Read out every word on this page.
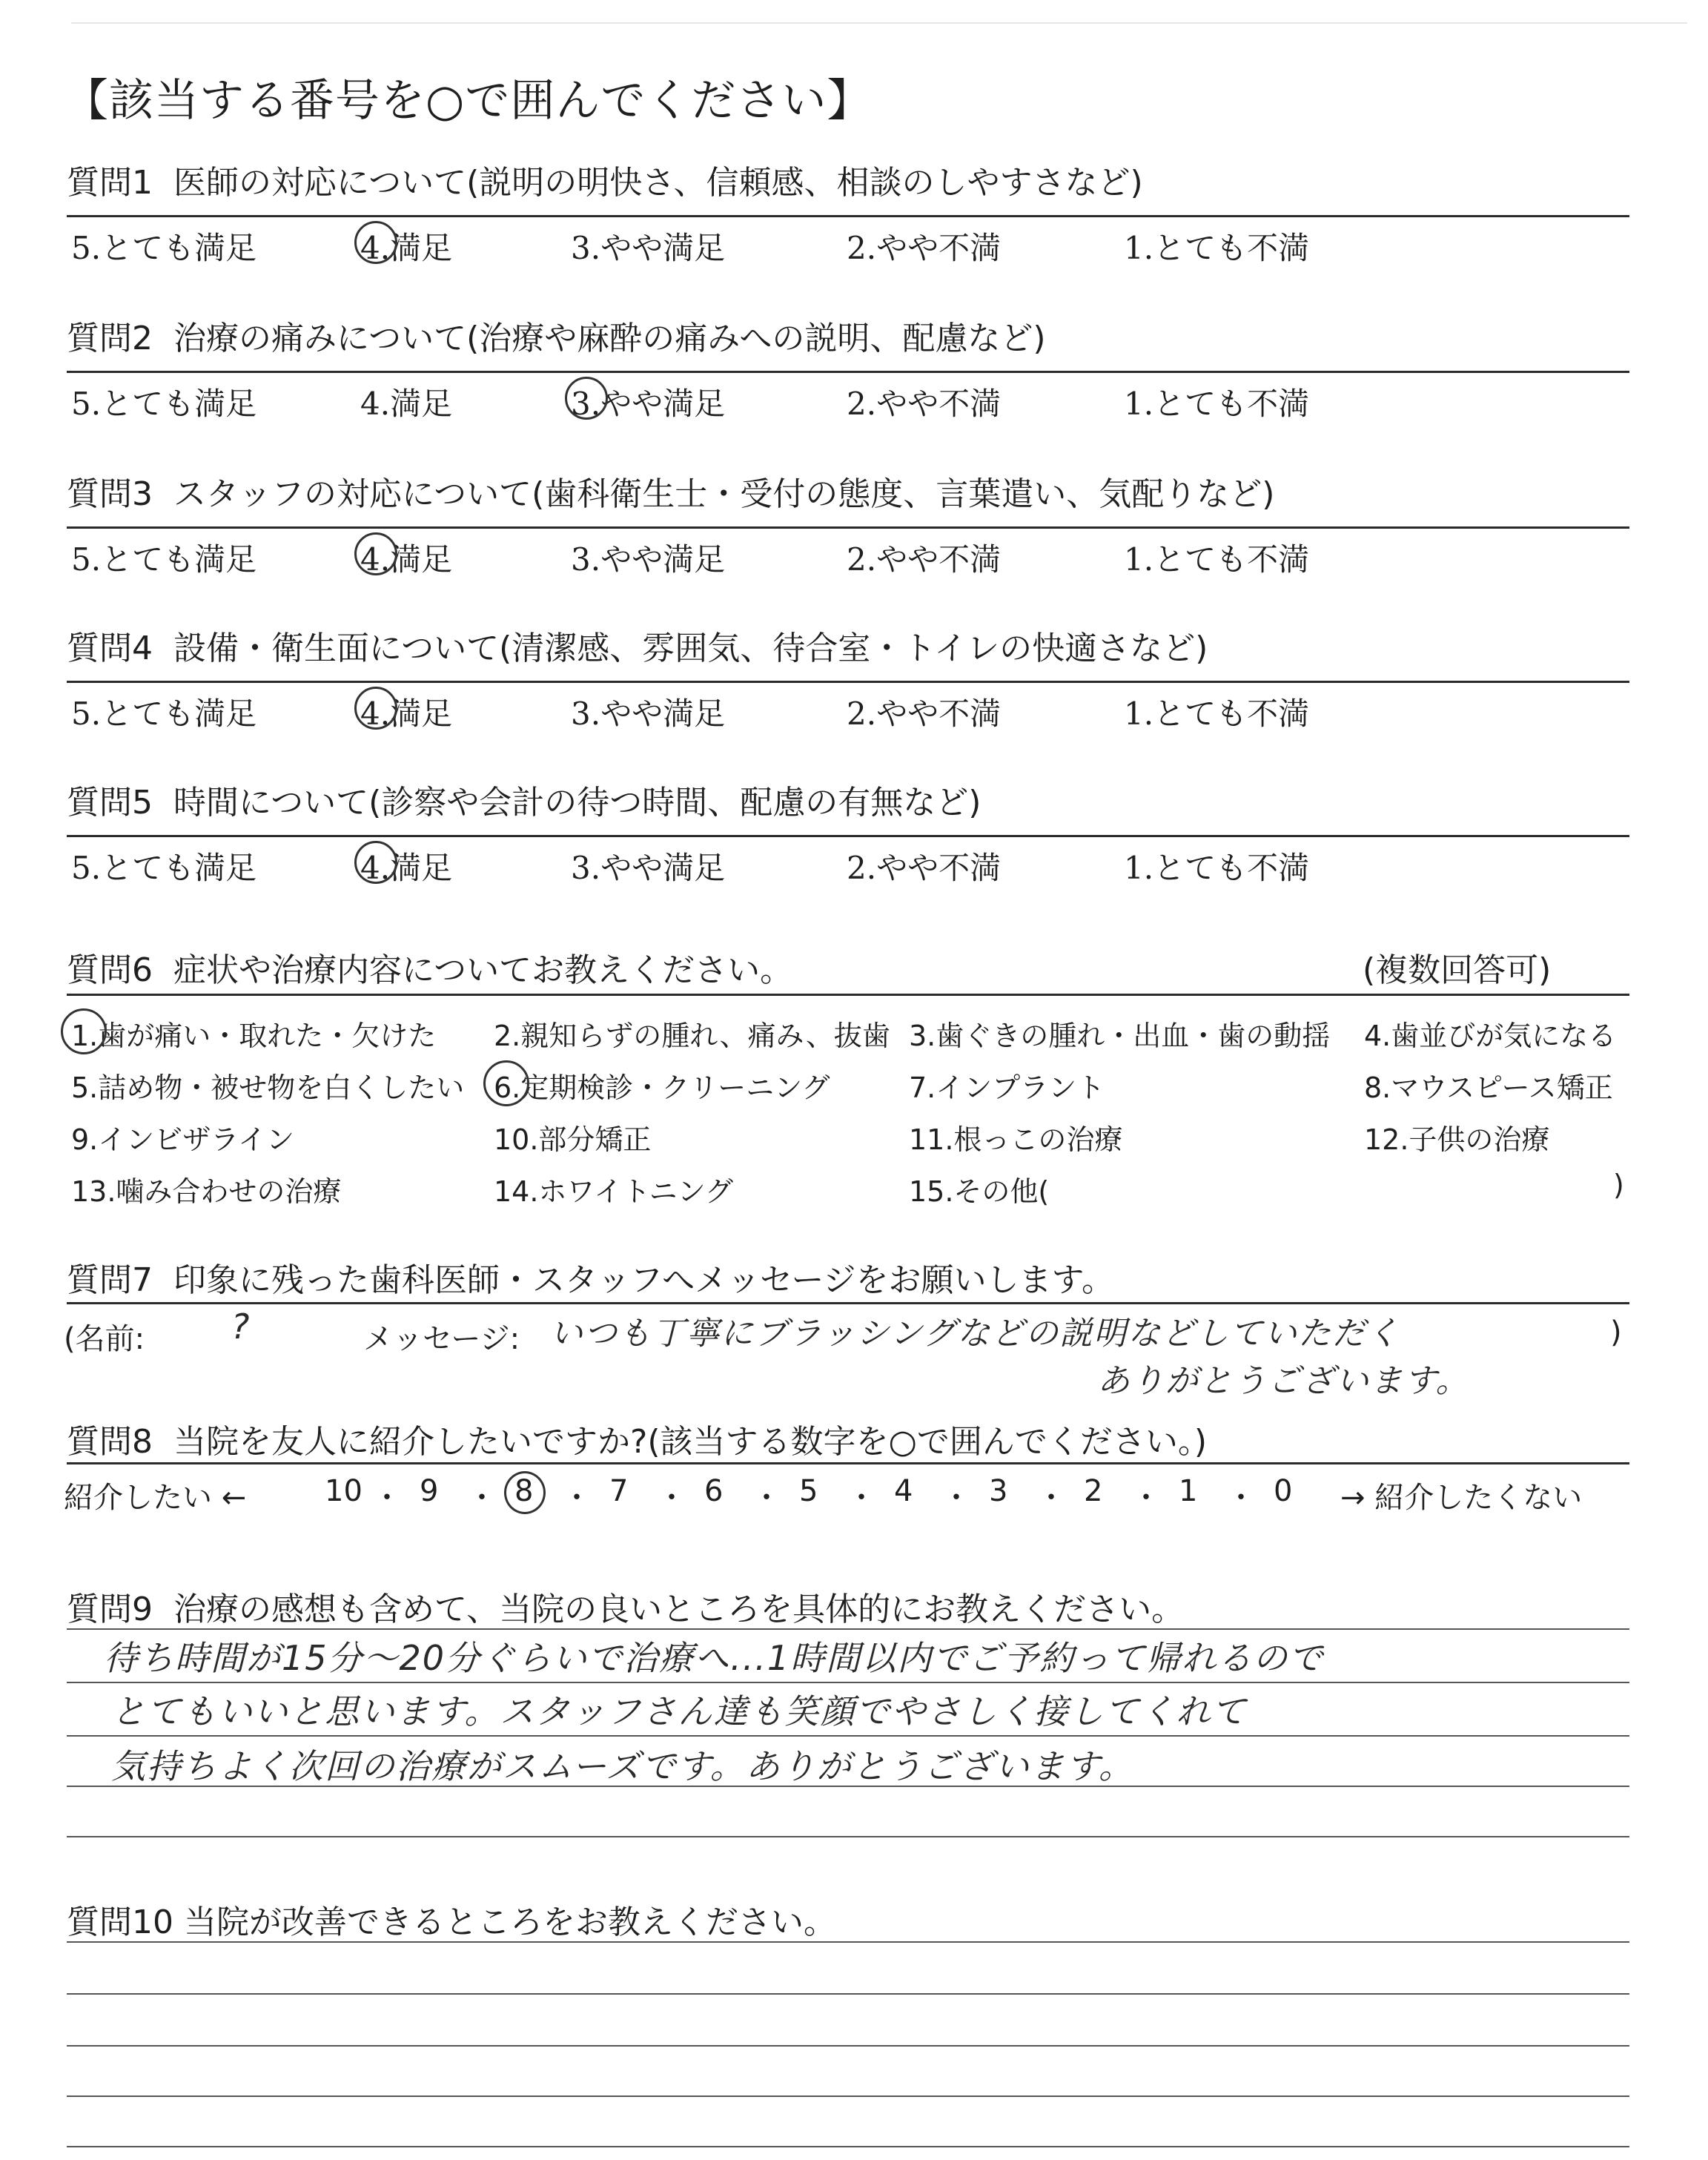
【該当する番号を○で囲んでください】
質問1 医師の対応について(説明の明快さ、信頼感、相談のしやすさなど)
5.とても満足	4.満足	3.やや満足	2.やや不満	1.とても不満
質問2 治療の痛みについて(治療や麻酔の痛みへの説明、配慮など)
5.とても満足	4.満足	3.やや満足	2.やや不満	1.とても不満
質問3 スタッフの対応について(歯科衛生士・受付の態度、言葉遣い、気配りなど)
5.とても満足	4.満足	3.やや満足	2.やや不満	1.とても不満
質問4 設備・衛生面について(清潔感、雰囲気、待合室・トイレの快適さなど)
5.とても満足	4.満足	3.やや満足	2.やや不満	1.とても不満
質問5 時間について(診察や会計の待つ時間、配慮の有無など)
5.とても満足	4.満足	3.やや満足	2.やや不満	1.とても不満
質問6 症状や治療内容についてお教えください。	(複数回答可)
1.歯が痛い・取れた・欠けた 2.親知らずの腫れ、痛み、抜歯 3.歯ぐきの腫れ・出血・歯の動揺 4.歯並びが気になる
5.詰め物・被せ物を白くしたい 6.定期検診・クリーニング	7.インプラント	8.マウスピース矯正
9.インビザライン	10.部分矯正	11.根っこの治療	12.子供の治療
13.噛み合わせの治療	14.ホワイトニング	15.その他(	)
質問7 印象に残った歯科医師・スタッフへメッセージをお願いします。
(名前:	?	メッセージ: いつも丁寧にブラッシングなどの説明などしていただく
ありがとうございます。
)
質問8 当院を友人に紹介したいですか?(該当する数字を○で囲んでください。)
紹介したい ←	10 ・ 9 ・ 8 ・ 7 ・ 6 ・ 5 ・ 4 ・ 3 ・ 2 ・ 1 ・ 0 → 紹介したくない
質問9 治療の感想も含めて、当院の良いところを具体的にお教えください。
待ち時間が15分〜20分ぐらいで治療へ...1時間以内でご予約って帰れるので
とてもいいと思います。スタッフさん達も笑顔でやさしく接してくれて
気持ちよく次回の治療がスムーズです。ありがとうございます。
質問10 当院が改善できるところをお教えください。
